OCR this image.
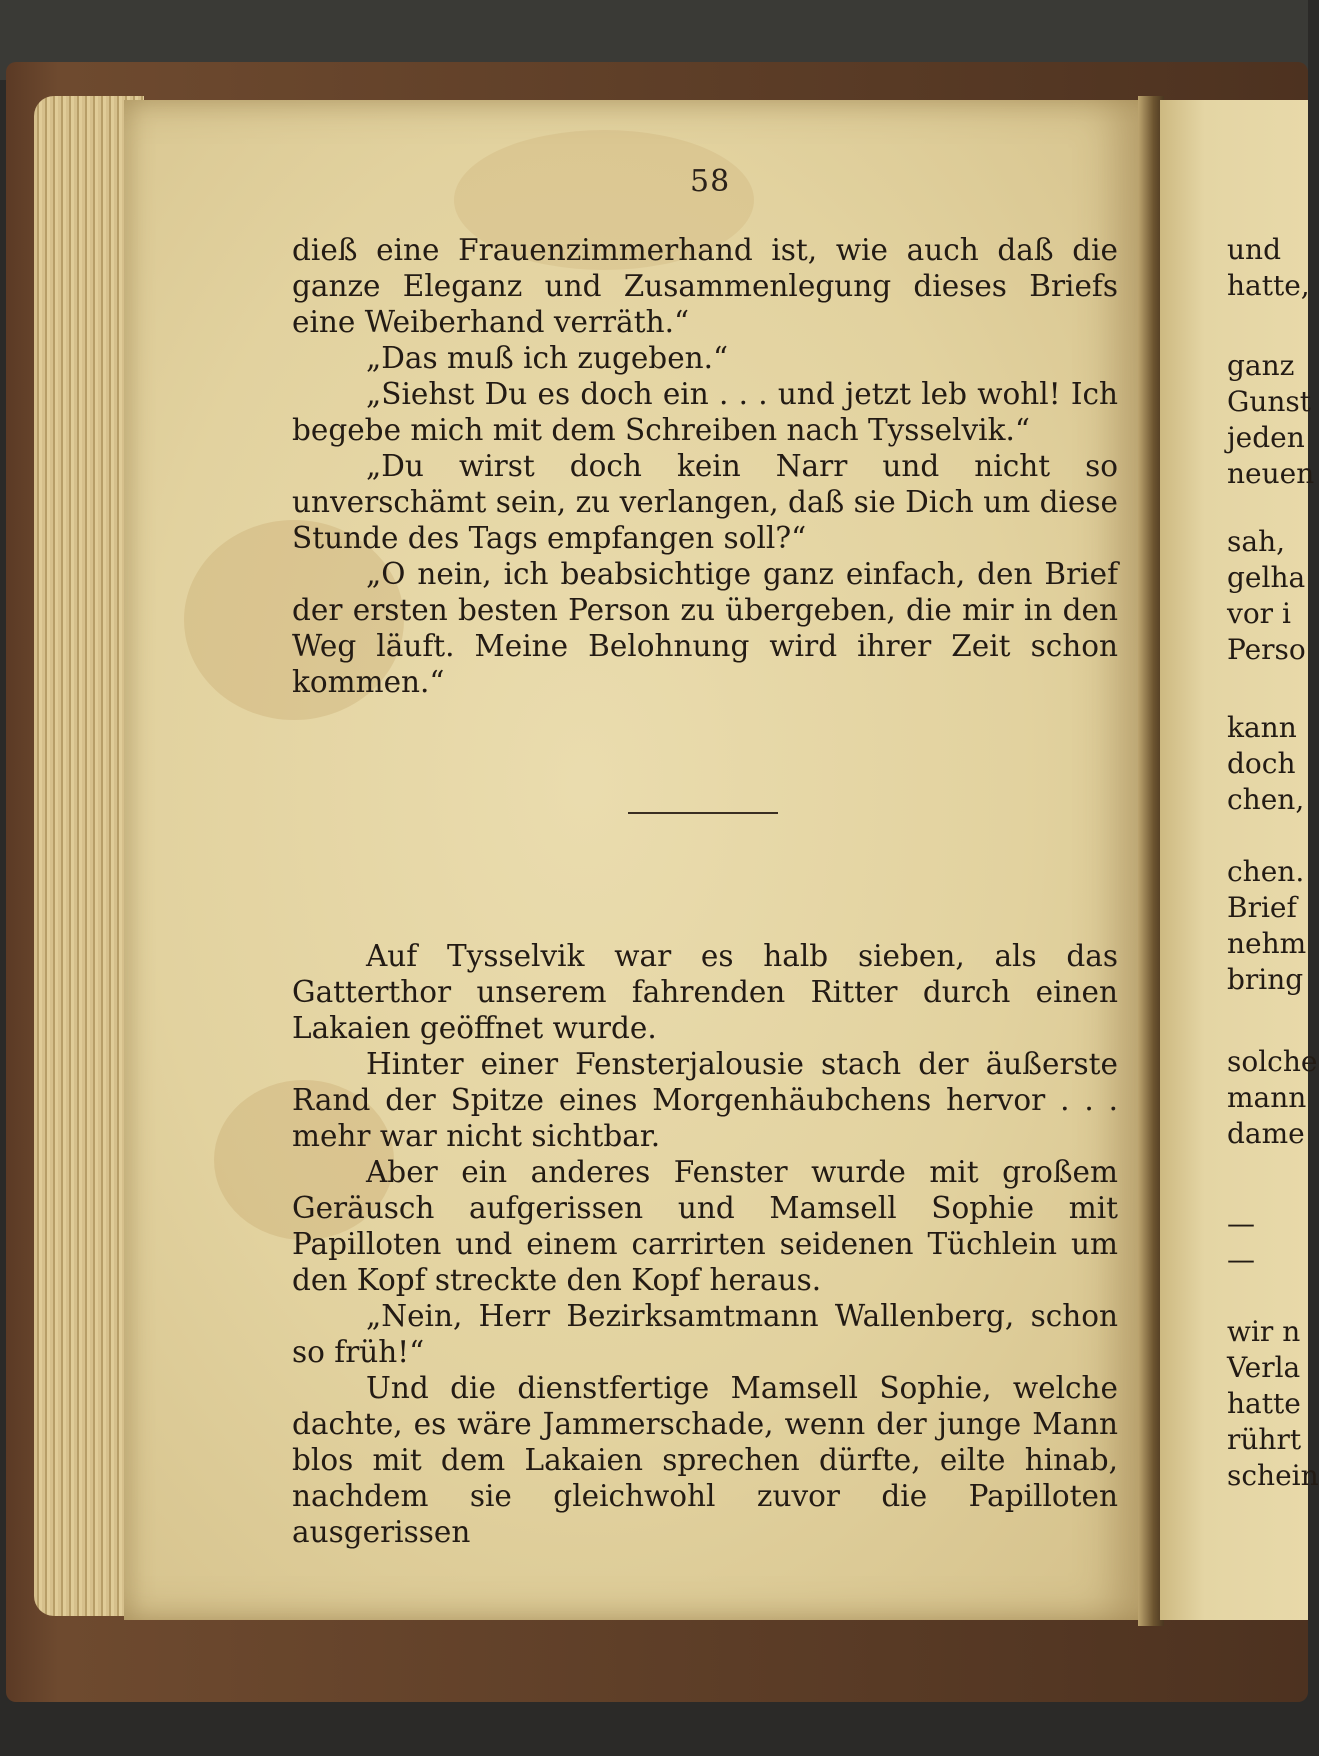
58

dieß eine Frauenzimmerhand ist, wie auch daß die ganze Eleganz und Zusammenlegung dieses Briefs eine Weiberhand verräth.“

„Das muß ich zugeben.“

„Siehst Du es doch ein . . . und jetzt leb wohl! Ich begebe mich mit dem Schreiben nach Tysselvik.“

„Du wirst doch kein Narr und nicht so unverschämt sein, zu verlangen, daß sie Dich um diese Stunde des Tags empfangen soll?“

„O nein, ich beabsichtige ganz einfach, den Brief der ersten besten Person zu übergeben, die mir in den Weg läuft. Meine Belohnung wird ihrer Zeit schon kommen.“

Auf Tysselvik war es halb sieben, als das Gatterthor unserem fahrenden Ritter durch einen Lakaien geöffnet wurde.

Hinter einer Fensterjalousie stach der äußerste Rand der Spitze eines Morgenhäubchens hervor . . . mehr war nicht sichtbar.

Aber ein anderes Fenster wurde mit großem Geräusch aufgerissen und Mamsell Sophie mit Papilloten und einem carrirten seidenen Tüchlein um den Kopf streckte den Kopf heraus.

„Nein, Herr Bezirksamtmann Wallenberg, schon so früh!“

Und die dienstfertige Mamsell Sophie, welche dachte, es wäre Jammerschade, wenn der junge Mann blos mit dem Lakaien sprechen dürfte, eilte hinab, nachdem sie gleichwohl zuvor die Papilloten ausgerissen

und
hatte,
ganz
Gunst
jeden
neuen
sah,
gelha
vor i
Perso
kann
doch
chen,
chen.
Brief
nehm
bring
solche
mann
dame
—
—
wir n
Verla
hatte
rührt
schein
